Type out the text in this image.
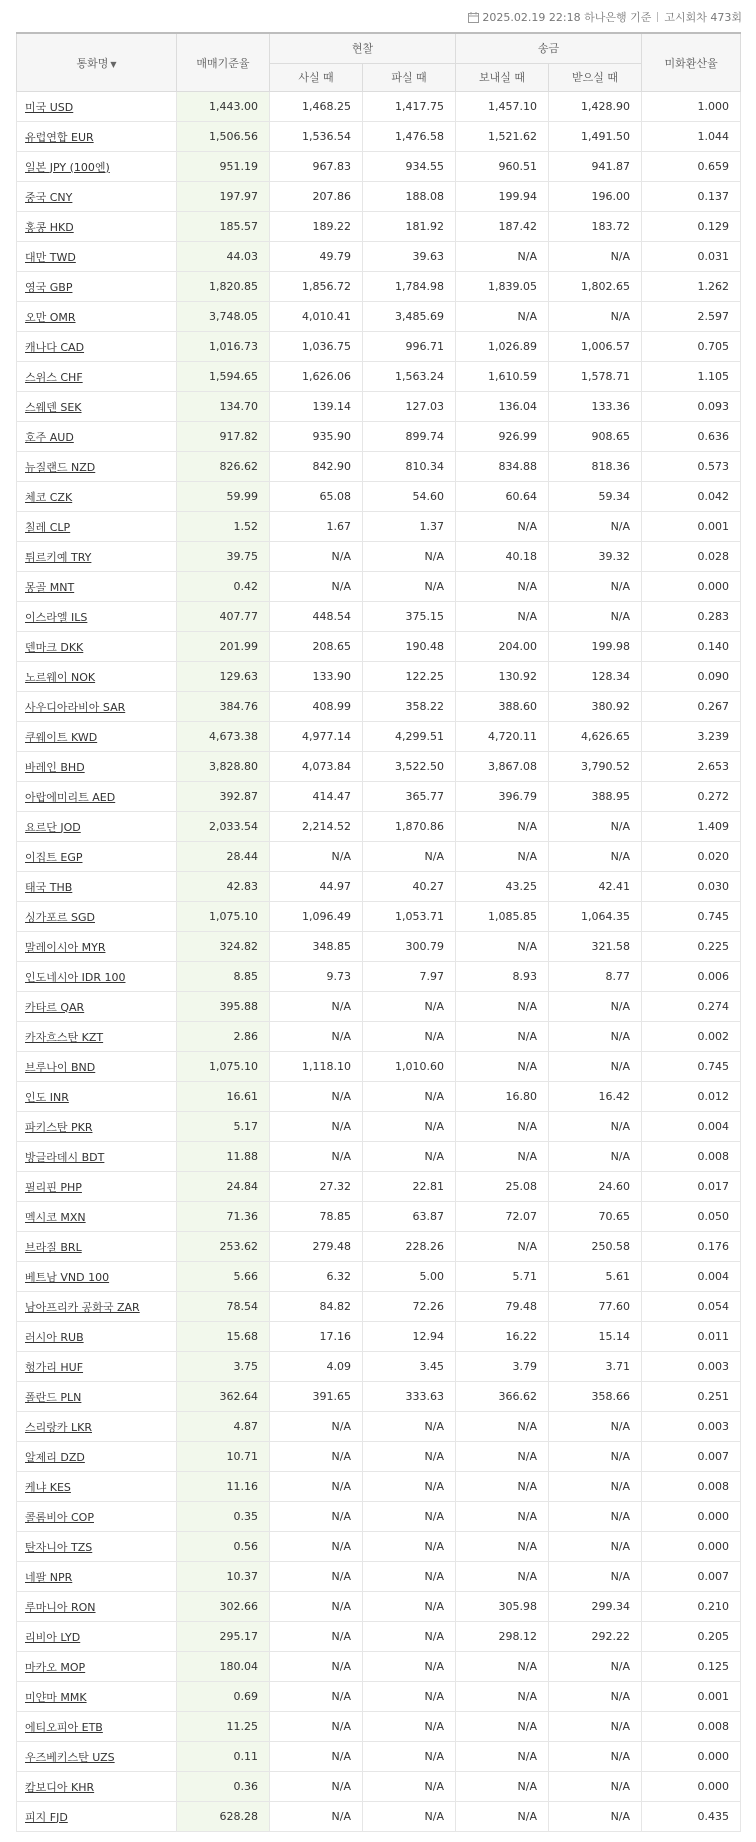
2025.02.19 22:18
하나은행 기준 고시회차 473회
통화명 ▼	매매기준율	현찰		송금		미화환산율
		사실 때	파실 때	보내실 때	받으실 때	
미국 USD	1,443.00	1,468.25	1,417.75	1,457.10	1,428.90	1.000
유럽연합 EUR	1,506.56	1,536.54	1,476.58	1,521.62	1,491.50	1.044
일본 JPY (100엔)	951.19	967.83	934.55	960.51	941.87	0.659
중국 CNY	197.97	207.86	188.08	199.94	196.00	0.137
홍콩 HKD	185.57	189.22	181.92	187.42	183.72	0.129
대만 TWD	44.03	49.79	39.63	N/A	N/A	0.031
영국 GBP	1,820.85	1,856.72	1,784.98	1,839.05	1,802.65	1.262
오만 OMR	3,748.05	4,010.41	3,485.69	N/A	N/A	2.597
캐나다 CAD	1,016.73	1,036.75	996.71	1,026.89	1,006.57	0.705
스위스 CHF	1,594.65	1,626.06	1,563.24	1,610.59	1,578.71	1.105
스웨덴 SEK	134.70	139.14	127.03	136.04	133.36	0.093
호주 AUD	917.82	935.90	899.74	926.99	908.65	0.636
뉴질랜드 NZD	826.62	842.90	810.34	834.88	818.36	0.573
체코 CZK	59.99	65.08	54.60	60.64	59.34	0.042
칠레 CLP	1.52	1.67	1.37	N/A	N/A	0.001
튀르키예 TRY	39.75	N/A	N/A	40.18	39.32	0.028
몽골 MNT	0.42	N/A	N/A	N/A	N/A	0.000
이스라엘 ILS	407.77	448.54	375.15	N/A	N/A	0.283
덴마크 DKK	201.99	208.65	190.48	204.00	199.98	0.140
노르웨이 NOK	129.63	133.90	122.25	130.92	128.34	0.090
사우디아라비아 SAR	384.76	408.99	358.22	388.60	380.92	0.267
쿠웨이트 KWD	4,673.38	4,977.14	4,299.51	4,720.11	4,626.65	3.239
바레인 BHD	3,828.80	4,073.84	3,522.50	3,867.08	3,790.52	2.653
아랍에미리트 AED	392.87	414.47	365.77	396.79	388.95	0.272
요르단 JOD	2,033.54	2,214.52	1,870.86	N/A	N/A	1.409
이집트 EGP	28.44	N/A	N/A	N/A	N/A	0.020
태국 THB	42.83	44.97	40.27	43.25	42.41	0.030
싱가포르 SGD	1,075.10	1,096.49	1,053.71	1,085.85	1,064.35	0.745
말레이시아 MYR	324.82	348.85	300.79	N/A	321.58	0.225
인도네시아 IDR 100	8.85	9.73	7.97	8.93	8.77	0.006
카타르 QAR	395.88	N/A	N/A	N/A	N/A	0.274
카자흐스탄 KZT	2.86	N/A	N/A	N/A	N/A	0.002
브루나이 BND	1,075.10	1,118.10	1,010.60	N/A	N/A	0.745
인도 INR	16.61	N/A	N/A	16.80	16.42	0.012
파키스탄 PKR	5.17	N/A	N/A	N/A	N/A	0.004
방글라데시 BDT	11.88	N/A	N/A	N/A	N/A	0.008
필리핀 PHP	24.84	27.32	22.81	25.08	24.60	0.017
멕시코 MXN	71.36	78.85	63.87	72.07	70.65	0.050
브라질 BRL	253.62	279.48	228.26	N/A	250.58	0.176
베트남 VND 100	5.66	6.32	5.00	5.71	5.61	0.004
남아프리카 공화국 ZAR	78.54	84.82	72.26	79.48	77.60	0.054
러시아 RUB	15.68	17.16	12.94	16.22	15.14	0.011
헝가리 HUF	3.75	4.09	3.45	3.79	3.71	0.003
폴란드 PLN	362.64	391.65	333.63	366.62	358.66	0.251
스리랑카 LKR	4.87	N/A	N/A	N/A	N/A	0.003
알제리 DZD	10.71	N/A	N/A	N/A	N/A	0.007
케냐 KES	11.16	N/A	N/A	N/A	N/A	0.008
콜롬비아 COP	0.35	N/A	N/A	N/A	N/A	0.000
탄자니아 TZS	0.56	N/A	N/A	N/A	N/A	0.000
네팔 NPR	10.37	N/A	N/A	N/A	N/A	0.007
루마니아 RON	302.66	N/A	N/A	305.98	299.34	0.210
리비아 LYD	295.17	N/A	N/A	298.12	292.22	0.205
마카오 MOP	180.04	N/A	N/A	N/A	N/A	0.125
미얀마 MMK	0.69	N/A	N/A	N/A	N/A	0.001
에티오피아 ETB	11.25	N/A	N/A	N/A	N/A	0.008
우즈베키스탄 UZS	0.11	N/A	N/A	N/A	N/A	0.000
캄보디아 KHR	0.36	N/A	N/A	N/A	N/A	0.000
피지 FJD	628.28	N/A	N/A	N/A	N/A	0.435
